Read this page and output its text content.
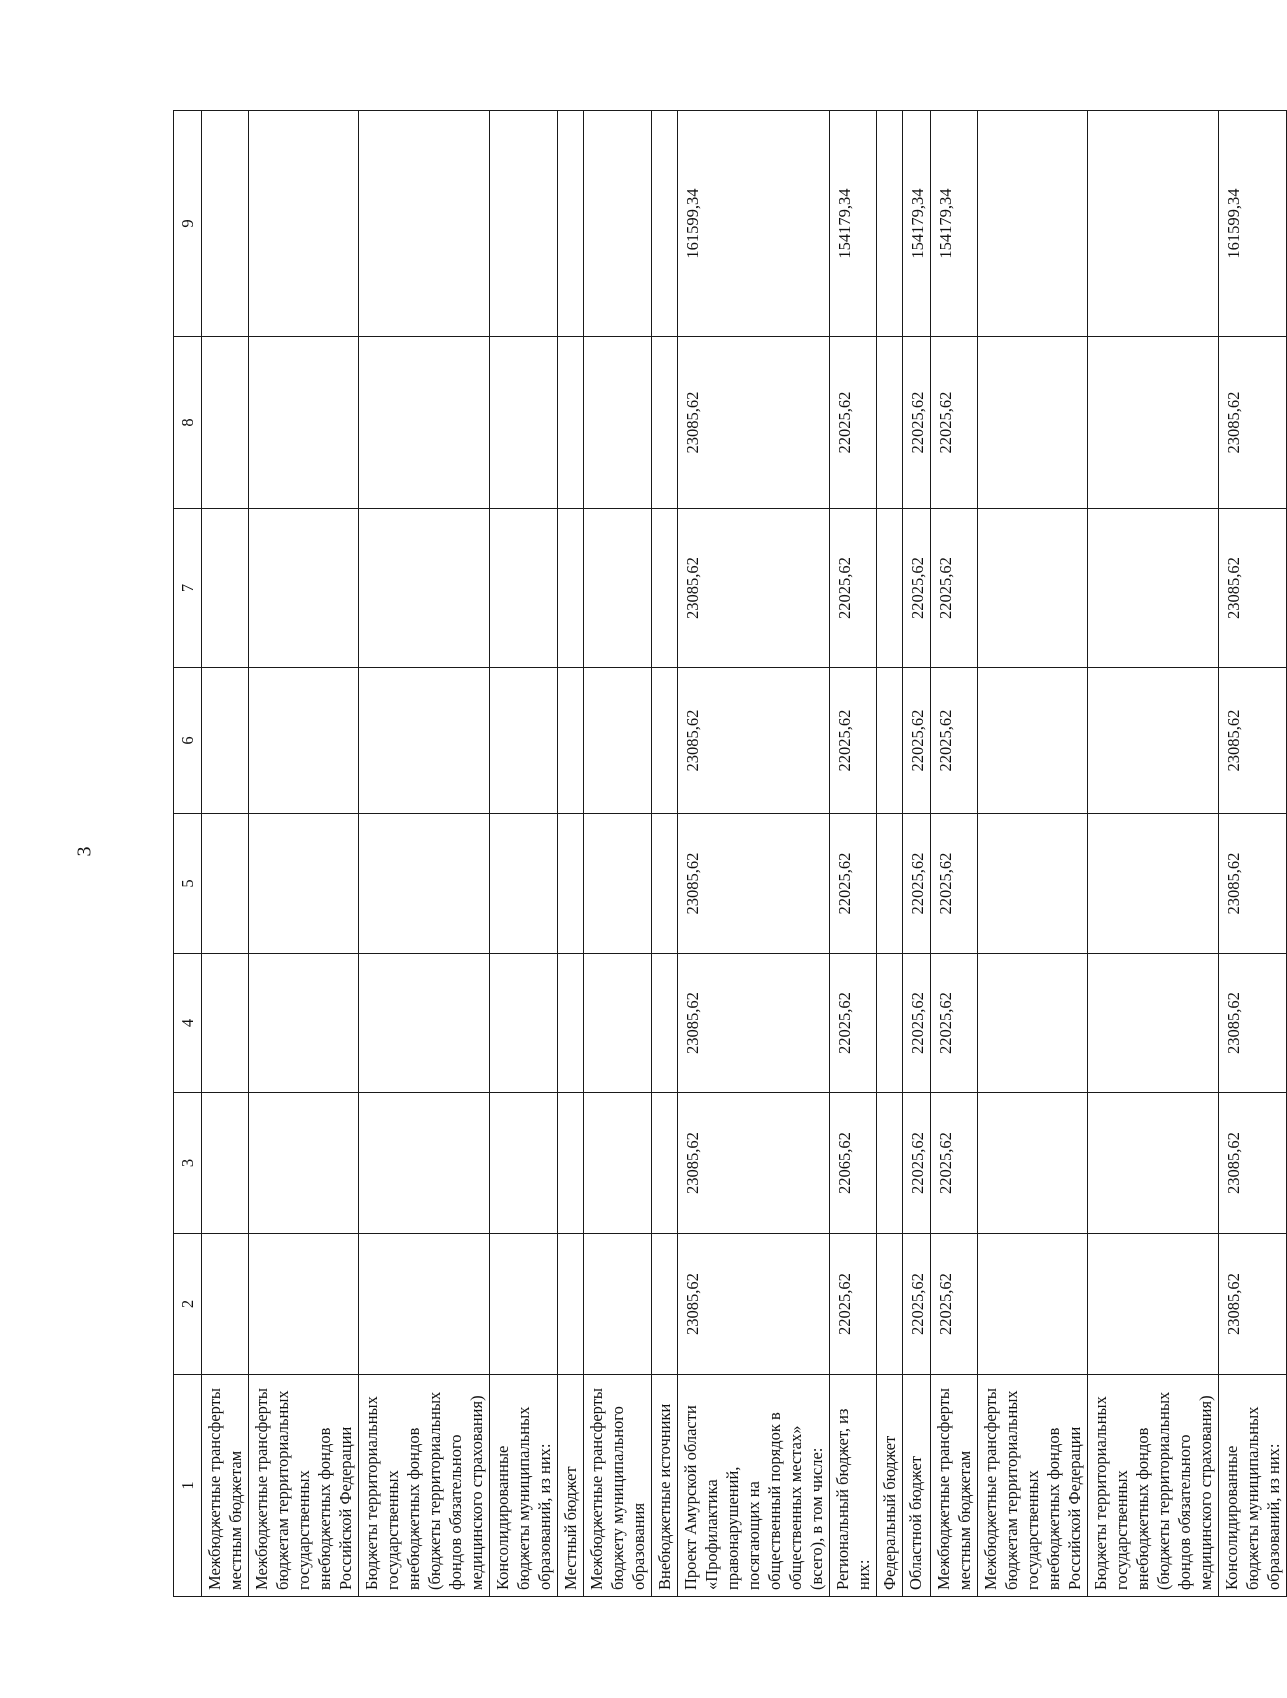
3
1	2	3	4	5	6	7	8	9
Межбюджетные трансферты местным бюджетам								
Межбюджетные трансферты бюджетам территориальных государственных внебюджетных фондов Российской Федерации								
Бюджеты территориальных государственных внебюджетных фондов (бюджеты территориальных фондов обязательного медицинского страхования)								
Консолидированные бюджеты муниципальных образований, из них:								
Местный бюджет								
Межбюджетные трансферты бюджету муниципального образования								
Внебюджетные источники								
Проект Амурской области «Профилактика правонарушений, посягающих на общественный порядок в общественных местах» (всего), в том числе:	23085,62	23085,62	23085,62	23085,62	23085,62	23085,62	23085,62	161599,34
Региональный бюджет, из них:	22025,62	22065,62	22025,62	22025,62	22025,62	22025,62	22025,62	154179,34
Федеральный бюджет								
Областной бюджет	22025,62	22025,62	22025,62	22025,62	22025,62	22025,62	22025,62	154179,34
Межбюджетные трансферты местным бюджетам	22025,62	22025,62	22025,62	22025,62	22025,62	22025,62	22025,62	154179,34
Межбюджетные трансферты бюджетам территориальных государственных внебюджетных фондов Российской Федерации								
Бюджеты территориальных государственных внебюджетных фондов (бюджеты территориальных фондов обязательного медицинского страхования)								
Консолидированные бюджеты муниципальных образований, из них:	23085,62	23085,62	23085,62	23085,62	23085,62	23085,62	23085,62	161599,34
